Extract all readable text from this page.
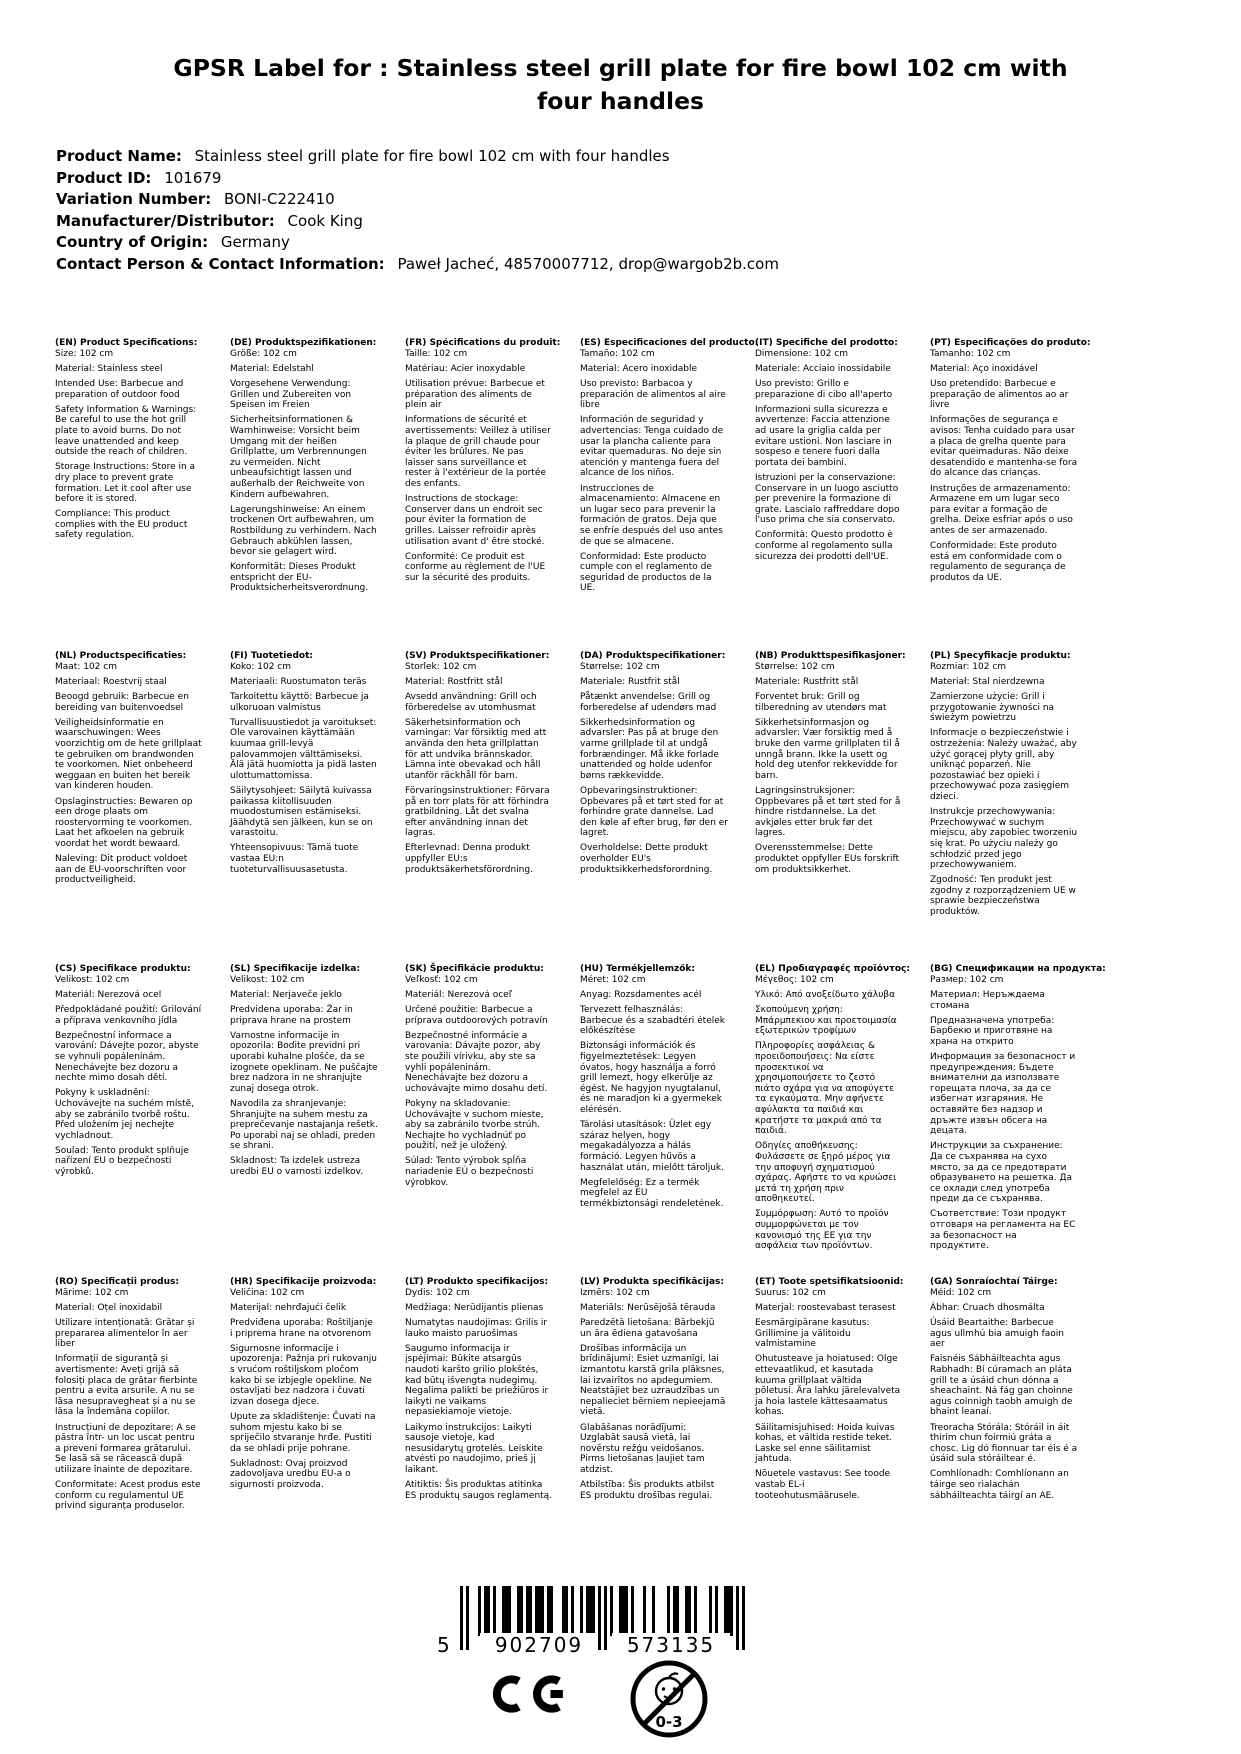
GPSR Label for : Stainless steel grill plate for fire bowl 102 cm with four handles
Product Name: Stainless steel grill plate for fire bowl 102 cm with four handles
Product ID: 101679
Variation Number: BONI-C222410
Manufacturer/Distributor: Cook King
Country of Origin: Germany
Contact Person & Contact Information: Paweł Jacheć, 48570007712, drop@wargob2b.com
(EN) Product Specifications:

Size: 102 cm

Material: Stainless steel

Intended Use: Barbecue and preparation of outdoor food

Safety Information & Warnings: Be careful to use the hot grill plate to avoid burns. Do not leave unattended and keep outside the reach of children.

Storage Instructions: Store in a dry place to prevent grate formation. Let it cool after use before it is stored.

Compliance: This product complies with the EU product safety regulation.

(DE) Produktspezifikationen:

Größe: 102 cm

Material: Edelstahl

Vorgesehene Verwendung: Grillen und Zubereiten von Speisen im Freien

Sicherheitsinformationen & Warnhinweise: Vorsicht beim Umgang mit der heißen Grillplatte, um Verbrennungen zu vermeiden. Nicht unbeaufsichtigt lassen und außerhalb der Reichweite von Kindern aufbewahren.

Lagerungshinweise: An einem trockenen Ort aufbewahren, um Rostbildung zu verhindern. Nach Gebrauch abkühlen lassen, bevor sie gelagert wird.

Konformität: Dieses Produkt entspricht der EU-Produktsicherheitsverordnung.

(FR) Spécifications du produit:

Taille: 102 cm

Matériau: Acier inoxydable

Utilisation prévue: Barbecue et préparation des aliments de plein air

Informations de sécurité et avertissements: Veillez à utiliser la plaque de grill chaude pour éviter les brûlures. Ne pas laisser sans surveillance et rester à l'extérieur de la portée des enfants.

Instructions de stockage: Conserver dans un endroit sec pour éviter la formation de grilles. Laisser refroidir après utilisation avant d' être stocké.

Conformité: Ce produit est conforme au règlement de l'UE sur la sécurité des produits.

(ES) Especificaciones del producto:

Tamaño: 102 cm

Material: Acero inoxidable

Uso previsto: Barbacoa y preparación de alimentos al aire libre

Información de seguridad y advertencias: Tenga cuidado de usar la plancha caliente para evitar quemaduras. No deje sin atención y mantenga fuera del alcance de los niños.

Instrucciones de almacenamiento: Almacene en un lugar seco para prevenir la formación de gratos. Deja que se enfríe después del uso antes de que se almacene.

Conformidad: Este producto cumple con el reglamento de seguridad de productos de la UE.

(IT) Specifiche del prodotto:

Dimensione: 102 cm

Materiale: Acciaio inossidabile

Uso previsto: Grillo e preparazione di cibo all'aperto

Informazioni sulla sicurezza e avvertenze: Faccia attenzione ad usare la griglia calda per evitare ustioni. Non lasciare in sospeso e tenere fuori dalla portata dei bambini.

Istruzioni per la conservazione: Conservare in un luogo asciutto per prevenire la formazione di grate. Lascialo raffreddare dopo l'uso prima che sia conservato.

Conformità: Questo prodotto è conforme al regolamento sulla sicurezza dei prodotti dell'UE.

(PT) Especificações do produto:

Tamanho: 102 cm

Material: Aço inoxidável

Uso pretendido: Barbecue e preparação de alimentos ao ar livre

Informações de segurança e avisos: Tenha cuidado para usar a placa de grelha quente para evitar queimaduras. Não deixe desatendido e mantenha-se fora do alcance das crianças.

Instruções de armazenamento: Armazene em um lugar seco para evitar a formação de grelha. Deixe esfriar após o uso antes de ser armazenado.

Conformidade: Este produto está em conformidade com o regulamento de segurança de produtos da UE.

(NL) Productspecificaties:

Maat: 102 cm

Materiaal: Roestvrij staal

Beoogd gebruik: Barbecue en bereiding van buitenvoedsel

Veiligheidsinformatie en waarschuwingen: Wees voorzichtig om de hete grillplaat te gebruiken om brandwonden te voorkomen. Niet onbeheerd weggaan en buiten het bereik van kinderen houden.

Opslaginstructies: Bewaren op een droge plaats om roostervorming te voorkomen. Laat het afkoelen na gebruik voordat het wordt bewaard.

Naleving: Dit product voldoet aan de EU-voorschriften voor productveiligheid.

(FI) Tuotetiedot:

Koko: 102 cm

Materiaali: Ruostumaton teräs

Tarkoitettu käyttö: Barbecue ja ulkoruoan valmistus

Turvallisuustiedot ja varoitukset: Ole varovainen käyttämään kuumaa grill-levyä palovammojen välttämiseksi. Älä jätä huomiotta ja pidä lasten ulottumattomissa.

Säilytysohjeet: Säilytä kuivassa paikassa kiitollisuuden muodostumisen estämiseksi. Jäähdytä sen jälkeen, kun se on varastoitu.

Yhteensopivuus: Tämä tuote vastaa EU:n tuoteturvallisuusasetusta.

(SV) Produktspecifikationer:

Storlek: 102 cm

Material: Rostfritt stål

Avsedd användning: Grill och förberedelse av utomhusmat

Säkerhetsinformation och varningar: Var försiktig med att använda den heta grillplattan för att undvika brännskador. Lämna inte obevakad och håll utanför räckhåll för barn.

Förvaringsinstruktioner: Förvara på en torr plats för att förhindra gratbildning. Låt det svalna efter användning innan det lagras.

Efterlevnad: Denna produkt uppfyller EU:s produktsäkerhetsförordning.

(DA) Produktspecifikationer:

Størrelse: 102 cm

Materiale: Rustfrit stål

Påtænkt anvendelse: Grill og forberedelse af udendørs mad

Sikkerhedsinformation og advarsler: Pas på at bruge den varme grillplade til at undgå forbrændinger. Må ikke forlade unattended og holde udenfor børns rækkevidde.

Opbevaringsinstruktioner: Opbevares på et tørt sted for at forhindre grate dannelse. Lad den køle af efter brug, før den er lagret.

Overholdelse: Dette produkt overholder EU's produktsikkerhedsforordning.

(NB) Produkttspesifikasjoner:

Størrelse: 102 cm

Materiale: Rustfritt stål

Forventet bruk: Grill og tilberedning av utendørs mat

Sikkerhetsinformasjon og advarsler: Vær forsiktig med å bruke den varme grillplaten til å unngå brann. Ikke la usett og hold deg utenfor rekkevidde for barn.

Lagringsinstruksjoner: Oppbevares på et tørt sted for å hindre ristdannelse. La det avkjøles etter bruk før det lagres.

Overensstemmelse: Dette produktet oppfyller EUs forskrift om produktsikkerhet.

(PL) Specyfikacje produktu:

Rozmiar: 102 cm

Materiał: Stal nierdzewna

Zamierzone użycie: Grill i przygotowanie żywności na świeżym powietrzu

Informacje o bezpieczeństwie i ostrzeżenia: Należy uważać, aby użyć gorącej płyty grill, aby uniknąć poparzeń. Nie pozostawiać bez opieki i przechowywać poza zasięgiem dzieci.

Instrukcje przechowywania: Przechowywać w suchym miejscu, aby zapobiec tworzeniu się krat. Po użyciu należy go schłodzić przed jego przechowywaniem.

Zgodność: Ten produkt jest zgodny z rozporządzeniem UE w sprawie bezpieczeństwa produktów.

(CS) Specifikace produktu:

Velikost: 102 cm

Materiál: Nerezová ocel

Předpokládané použití: Grilování a příprava venkovního jídla

Bezpečnostní informace a varování: Dávejte pozor, abyste se vyhnuli popáleninám. Nenechávejte bez dozoru a nechte mimo dosah dětí.

Pokyny k uskladnění: Uchovávejte na suchém místě, aby se zabránilo tvorbě roštu. Před uložením jej nechejte vychladnout.

Soulad: Tento produkt splňuje nařízení EU o bezpečnosti výrobků.

(SL) Specifikacije izdelka:

Velikost: 102 cm

Material: Nerjaveče jeklo

Predvidena uporaba: Žar in priprava hrane na prostem

Varnostne informacije in opozorila: Bodite previdni pri uporabi kuhalne plošče, da se izognete opeklinam. Ne puščajte brez nadzora in ne shranjujte zunaj dosega otrok.

Navodila za shranjevanje: Shranjujte na suhem mestu za preprečevanje nastajanja rešetk. Po uporabi naj se ohladi, preden se shrani.

Skladnost: Ta izdelek ustreza uredbi EU o varnosti izdelkov.

(SK) Špecifikácie produktu:

Veľkosť: 102 cm

Materiál: Nerezová oceľ

Určené použitie: Barbecue a príprava outdoorových potravín

Bezpečnostné informácie a varovania: Dávajte pozor, aby ste použili vírivku, aby ste sa vyhli popáleninám. Nenechávajte bez dozoru a uchovávajte mimo dosahu detí.

Pokyny na skladovanie: Uchovávajte v suchom mieste, aby sa zabránilo tvorbe strúh. Nechajte ho vychladnúť po použití, než je uložený.

Súlad: Tento výrobok spĺňa nariadenie EÚ o bezpečnosti výrobkov.

(HU) Termékjellemzők:

Méret: 102 cm

Anyag: Rozsdamentes acél

Tervezett felhasználás: Barbecue és a szabadtéri ételek előkészítése

Biztonsági információk és figyelmeztetések: Legyen óvatos, hogy használja a forró grill lemezt, hogy elkerülje az égést. Ne hagyjon nyugtalanul, és ne maradjon ki a gyermekek elérésén.

Tárolási utasítások: Üzlet egy száraz helyen, hogy megakadályozza a hálás formáció. Legyen hűvös a használat után, mielőtt tároljuk.

Megfelelőség: Ez a termék megfelel az EU termékbiztonsági rendeletének.

(EL) Προδιαγραφές προϊόντος:

Μέγεθος: 102 cm

Υλικό: Από ανοξείδωτο χάλυβα

Σκοπούμενη χρήση: Μπάρμπεκιου και προετοιμασία εξωτερικών τροφίμων

Πληροφορίες ασφάλειας & προειδοποιήσεις: Να είστε προσεκτικοί να χρησιμοποιήσετε το ζεστό πιάτο σχάρα για να αποφύγετε τα εγκαύματα. Μην αφήνετε αφύλακτα τα παιδιά και κρατήστε τα μακριά από τα παιδιά.

Οδηγίες αποθήκευσης: Φυλάσσετε σε ξηρό μέρος για την αποφυγή σχηματισμού σχάρας. Αφήστε το να κρυώσει μετά τη χρήση πριν αποθηκευτεί.

Συμμόρφωση: Αυτό το προϊόν συμμορφώνεται με τον κανονισμό της ΕΕ για την ασφάλεια των προϊόντων.

(BG) Спецификации на продукта:

Размер: 102 cm

Материал: Неръждаема стомана

Предназначена употреба: Барбекю и приготвяне на храна на открито

Информация за безопасност и предупреждения: Бъдете внимателни да използвате горещата плоча, за да се избегнат изгаряния. Не оставяйте без надзор и дръжте извън обсега на децата.

Инструкции за съхранение: Да се съхранява на сухо място, за да се предотврати образуването на решетка. Да се охлади след употреба преди да се съхранява.

Съответствие: Този продукт отговаря на регламента на ЕС за безопасност на продуктите.

(RO) Specificații produs:

Mărime: 102 cm

Material: Oțel inoxidabil

Utilizare intenționată: Grătar și prepararea alimentelor în aer liber

Informații de siguranță și avertismente: Aveți grijă să folosiți placa de grătar fierbinte pentru a evita arsurile. A nu se lăsa nesupravegheat și a nu se lăsa la îndemâna copiilor.

Instrucțiuni de depozitare: A se păstra într- un loc uscat pentru a preveni formarea grătarului. Se lasă să se răcească după utilizare înainte de depozitare.

Conformitate: Acest produs este conform cu regulamentul UE privind siguranța produselor.

(HR) Specifikacije proizvoda:

Veličina: 102 cm

Materijal: nehrđajući čelik

Predviđena uporaba: Roštiljanje i priprema hrane na otvorenom

Sigurnosne informacije i upozorenja: Pažnja pri rukovanju s vrućom roštiljskom pločom kako bi se izbjegle opekline. Ne ostavljati bez nadzora i čuvati izvan dosega djece.

Upute za skladištenje: Čuvati na suhom mjestu kako bi se spriječilo stvaranje hrđe. Pustiti da se ohladi prije pohrane.

Sukladnost: Ovaj proizvod zadovoljava uredbu EU-a o sigurnosti proizvoda.

(LT) Produkto specifikacijos:

Dydis: 102 cm

Medžiaga: Nerūdijantis plienas

Numatytas naudojimas: Grilis ir lauko maisto paruošimas

Saugumo informacija ir įspėjimai: Būkite atsargūs naudoti karšto grilio plokštės, kad būtų išvengta nudegimų. Negalima palikti be priežiūros ir laikyti ne vaikams nepasiekiamoje vietoje.

Laikymo instrukcijos: Laikyti sausoje vietoje, kad nesusidarytų grotelės. Leiskite atvėsti po naudojimo, prieš jį laikant.

Atitiktis: Šis produktas atitinka ES produktų saugos reglamentą.

(LV) Produkta specifikācijas:

Izmērs: 102 cm

Materiāls: Nerūsējošā tērauda

Paredzētā lietošana: Bārbekjū un āra ēdiena gatavošana

Drošības informācija un brīdinājumi: Esiet uzmanīgi, lai izmantotu karstā grila plāksnes, lai izvairītos no apdegumiem. Neatstājiet bez uzraudzības un nepalieciet bērniem nepieejamā vietā.

Glabāšanas norādījumi: Uzglabāt sausā vietā, lai novērstu režģu veidošanos. Pirms lietošanas ļaujiet tam atdzist.

Atbilstība: Šis produkts atbilst ES produktu drošības regulai.

(ET) Toote spetsifikatsioonid:

Suurus: 102 cm

Materjal: roostevabast terasest

Eesmärgipärane kasutus: Grillimine ja välitoidu valmistamine

Ohutusteave ja hoiatused: Olge ettevaatlikud, et kasutada kuuma grillplaat vältida põletusi. Ära lahku järelevalveta ja hoia lastele kättesaamatus kohas.

Säilitamisjuhised: Hoida kuivas kohas, et vältida restide teket. Laske sel enne säilitamist jahtuda.

Nõuetele vastavus: See toode vastab EL-i tooteohutusmäärusele.

(GA) Sonraíochtaí Táirge:

Méid: 102 cm

Ábhar: Cruach dhosmálta

Úsáid Beartaithe: Barbecue agus ullmhú bia amuigh faoin aer

Faisnéis Sábháilteachta agus Rabhadh: Bí cúramach an pláta grill te a úsáid chun dónna a sheachaint. Ná fág gan choinne agus coinnigh taobh amuigh de bhaint leanaí.

Treoracha Stórála: Stóráil in áit thirim chun foirmiú gráta a chosc. Lig dó fionnuar tar éis é a úsáid sula stóráiltear é.

Comhlíonadh: Comhlíonann an táirge seo rialachán sábháilteachta táirgí an AE.

5	902709	573135
0-3
